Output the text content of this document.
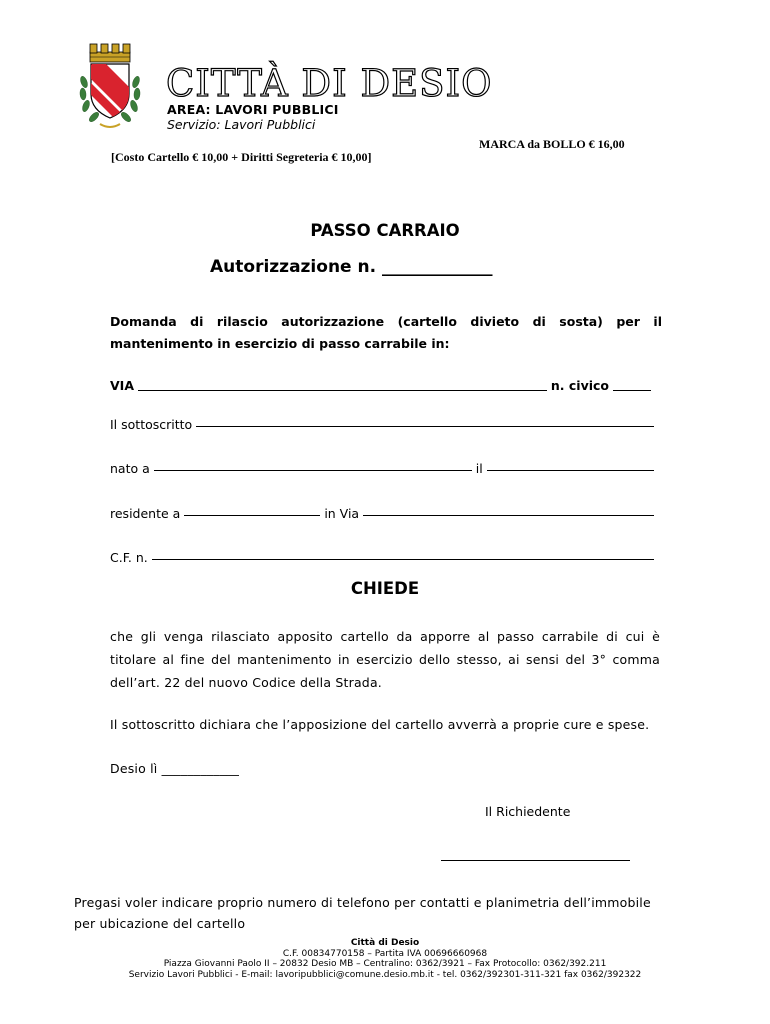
CITTÀ DI DESIO
AREA: LAVORI PUBBLICI
Servizio: Lavori Pubblici
MARCA da BOLLO € 16,00
[Costo Cartello € 10,00 + Diritti Segreteria € 10,00]
PASSO CARRAIO
Autorizzazione n. _____________
Domanda di rilascio autorizzazione (cartello divieto di sosta) per il mantenimento in esercizio di passo carrabile in:
VIA	n. civico
Il sottoscritto
nato a	il
residente a	in Via
C.F. n.
CHIEDE
che gli venga rilasciato apposito cartello da apporre al passo carrabile di cui è titolare al fine del mantenimento in esercizio dello stesso, ai sensi del 3° comma dell’art. 22 del nuovo Codice della Strada.
Il sottoscritto dichiara che l’apposizione del cartello avverrà a proprie cure e spese.
Desio lì ____________
Il Richiedente
Pregasi voler indicare proprio numero di telefono per contatti e planimetria dell’immobile per ubicazione del cartello
Città di Desio
C.F. 00834770158 – Partita IVA 00696660968
Piazza Giovanni Paolo II – 20832 Desio MB – Centralino: 0362/3921 – Fax Protocollo: 0362/392.211
Servizio Lavori Pubblici - E-mail: lavoripubblici@comune.desio.mb.it - tel. 0362/392301-311-321 fax 0362/392322
